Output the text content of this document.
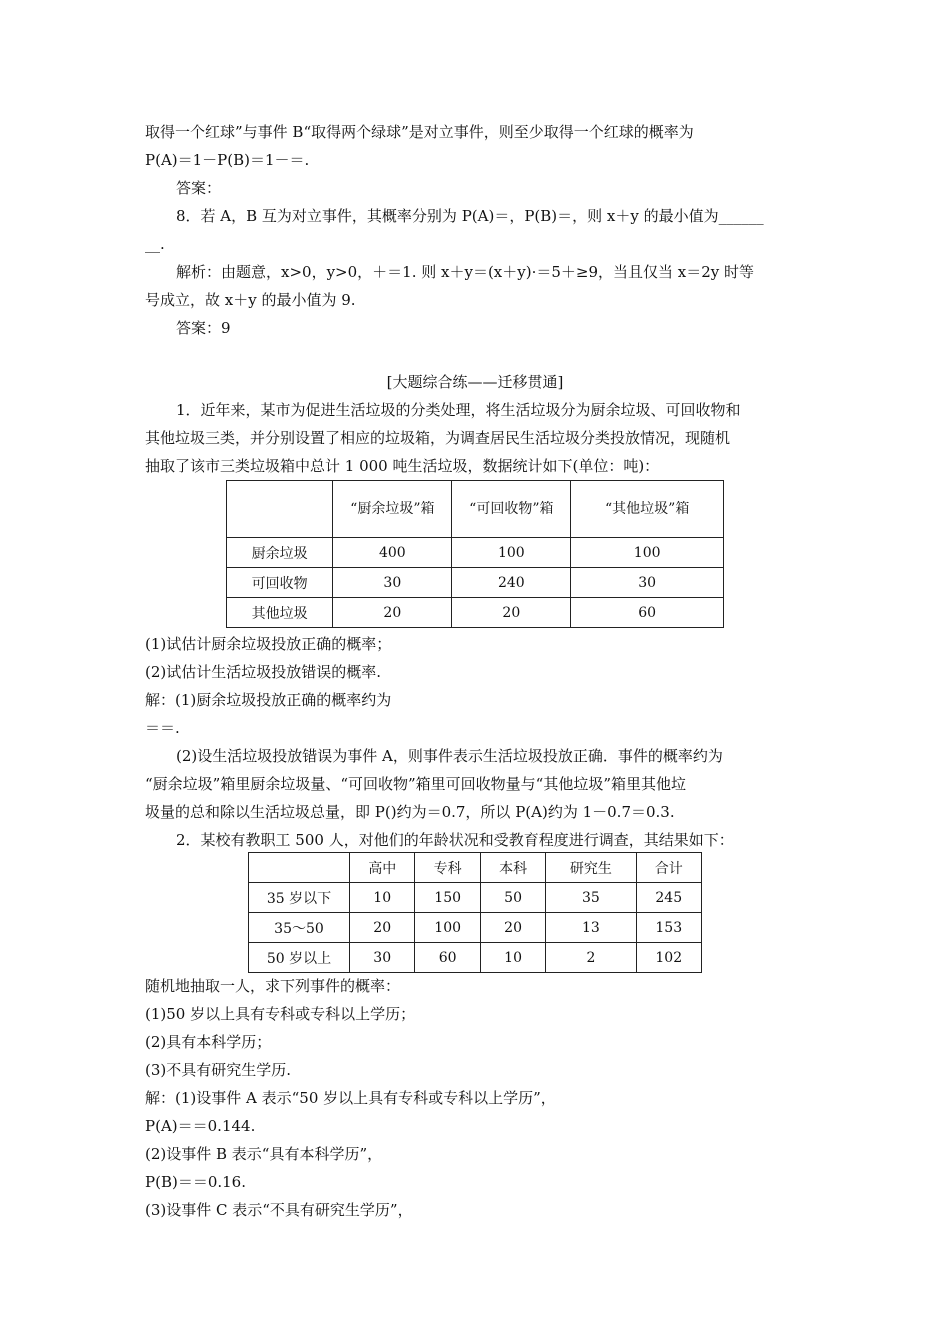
取得一个红球”与事件 B“取得两个绿球”是对立事件，则至少取得一个红球的概率为
P(A)＝1－P(B)＝1－＝.
答案：
8．若 A，B 互为对立事件，其概率分别为 P(A)＝，P(B)＝，则 x＋y 的最小值为______
__.
解析：由题意，x>0，y>0，＋＝1. 则 x＋y＝(x＋y)·＝5＋≥9，当且仅当 x＝2y 时等
号成立，故 x＋y 的最小值为 9.
答案：9
[大题综合练——迁移贯通]
1．近年来，某市为促进生活垃圾的分类处理，将生活垃圾分为厨余垃圾、可回收物和
其他垃圾三类，并分别设置了相应的垃圾箱，为调查居民生活垃圾分类投放情况，现随机
抽取了该市三类垃圾箱中总计 1 000 吨生活垃圾，数据统计如下(单位：吨)：
	“厨余垃圾”箱	“可回收物”箱	“其他垃圾”箱
厨余垃圾	400	100	100
可回收物	30	240	30
其他垃圾	20	20	60
(1)试估计厨余垃圾投放正确的概率；
(2)试估计生活垃圾投放错误的概率.
解：(1)厨余垃圾投放正确的概率约为
＝＝.
(2)设生活垃圾投放错误为事件 A，则事件表示生活垃圾投放正确．事件的概率约为
“厨余垃圾”箱里厨余垃圾量、“可回收物”箱里可回收物量与“其他垃圾”箱里其他垃
圾量的总和除以生活垃圾总量，即 P()约为＝0.7，所以 P(A)约为 1－0.7＝0.3.
2．某校有教职工 500 人，对他们的年龄状况和受教育程度进行调查，其结果如下：
	高中	专科	本科	研究生	合计
35 岁以下	10	150	50	35	245
35～50	20	100	20	13	153
50 岁以上	30	60	10	2	102
随机地抽取一人，求下列事件的概率：
(1)50 岁以上具有专科或专科以上学历；
(2)具有本科学历；
(3)不具有研究生学历.
解：(1)设事件 A 表示“50 岁以上具有专科或专科以上学历”，
P(A)＝＝0.144.
(2)设事件 B 表示“具有本科学历”，
P(B)＝＝0.16.
(3)设事件 C 表示“不具有研究生学历”，
